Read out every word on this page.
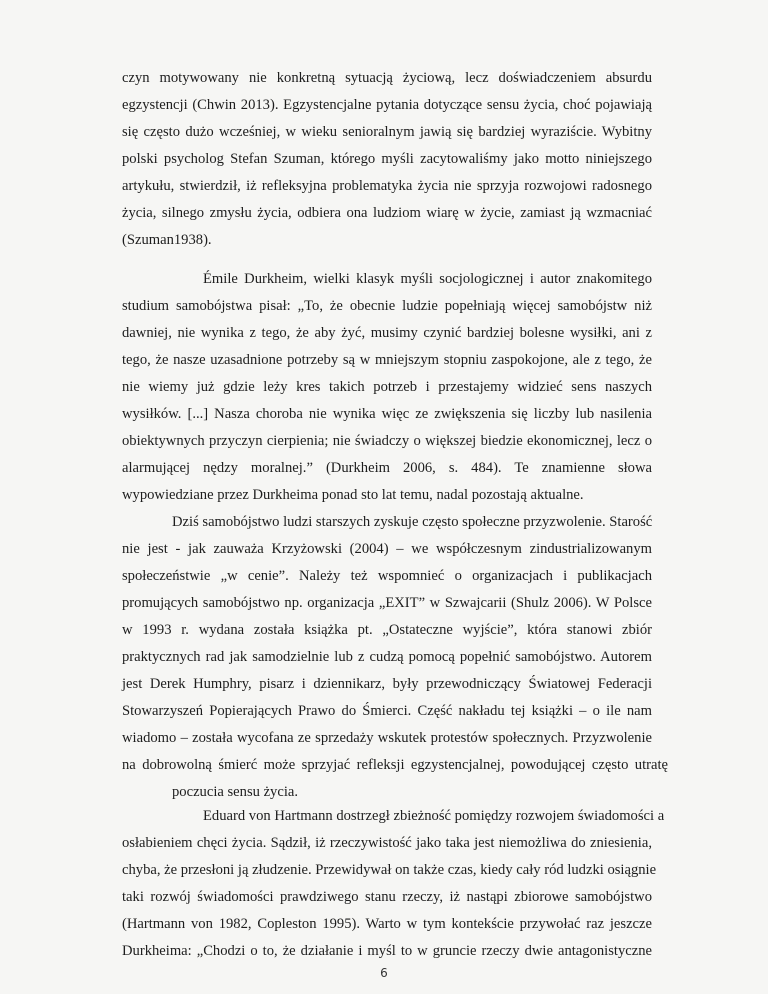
czyn motywowany nie konkretną sytuacją życiową, lecz doświadczeniem absurdu
egzystencji (Chwin 2013). Egzystencjalne pytania dotyczące sensu życia, choć pojawiają
się często dużo wcześniej, w wieku senioralnym jawią się bardziej wyraziście. Wybitny
polski psycholog Stefan Szuman, którego myśli zacytowaliśmy jako motto niniejszego
artykułu, stwierdził, iż refleksyjna problematyka życia nie sprzyja rozwojowi radosnego
życia, silnego zmysłu życia, odbiera ona ludziom wiarę w życie, zamiast ją wzmacniać
(Szuman1938).
Émile Durkheim, wielki klasyk myśli socjologicznej i autor znakomitego
studium samobójstwa pisał: „To, że obecnie ludzie popełniają więcej samobójstw niż
dawniej, nie wynika z tego, że aby żyć, musimy czynić bardziej bolesne wysiłki, ani z
tego, że nasze uzasadnione potrzeby są w mniejszym stopniu zaspokojone, ale z tego, że
nie wiemy już gdzie leży kres takich potrzeb i przestajemy widzieć sens naszych
wysiłków. [...] Nasza choroba nie wynika więc ze zwiększenia się liczby lub nasilenia
obiektywnych przyczyn cierpienia; nie świadczy o większej biedzie ekonomicznej, lecz o
alarmującej nędzy moralnej.” (Durkheim 2006, s. 484). Te znamienne słowa
wypowiedziane przez Durkheima ponad sto lat temu, nadal pozostają aktualne.
Dziś samobójstwo ludzi starszych zyskuje często społeczne przyzwolenie. Starość
nie jest - jak zauważa Krzyżowski (2004) – we współczesnym zindustrializowanym
społeczeństwie „w cenie”. Należy też wspomnieć o organizacjach i publikacjach
promujących samobójstwo np. organizacja „EXIT” w Szwajcarii (Shulz 2006). W Polsce
w 1993 r. wydana została książka pt. „Ostateczne wyjście”, która stanowi zbiór
praktycznych rad jak samodzielnie lub z cudzą pomocą popełnić samobójstwo. Autorem
jest Derek Humphry, pisarz i dziennikarz, były przewodniczący Światowej Federacji
Stowarzyszeń Popierających Prawo do Śmierci. Część nakładu tej książki – o ile nam
wiadomo – została wycofana ze sprzedaży wskutek protestów społecznych. Przyzwolenie
na dobrowolną śmierć może sprzyjać refleksji egzystencjalnej, powodującej często utratę
poczucia sensu życia.
Eduard von Hartmann dostrzegł zbieżność pomiędzy rozwojem świadomości a
osłabieniem chęci życia. Sądził, iż rzeczywistość jako taka jest niemożliwa do zniesienia,
chyba, że przesłoni ją złudzenie. Przewidywał on także czas, kiedy cały ród ludzki osiągnie
taki rozwój świadomości prawdziwego stanu rzeczy, iż nastąpi zbiorowe samobójstwo
(Hartmann von 1982, Copleston 1995). Warto w tym kontekście przywołać raz jeszcze
Durkheima: „Chodzi o to, że działanie i myśl to w gruncie rzeczy dwie antagonistyczne
6
